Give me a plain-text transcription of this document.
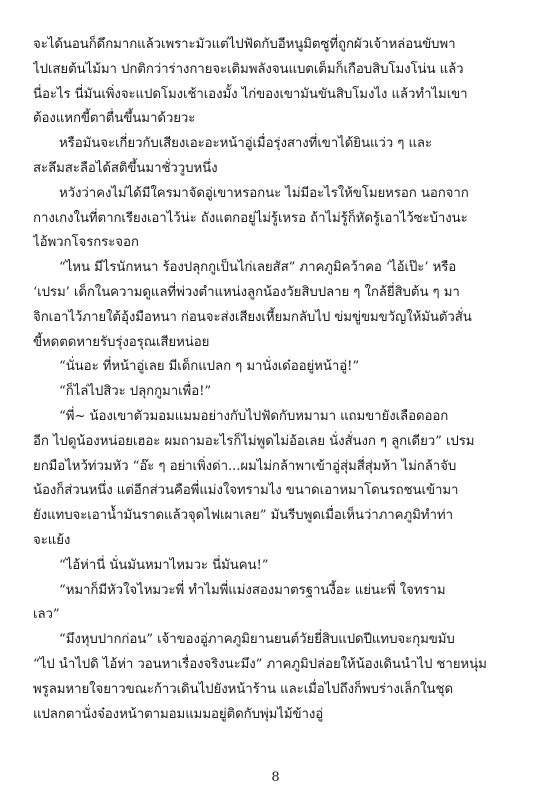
จะได้นอนก็ดึกมากแล้วเพราะมัวแต่ไปฟัดกับอีหนูมิตซูที่ถูกผัวเจ้าหล่อนขับพา
ไปเสยต้นไม้มา ปกติกว่าร่างกายจะเติมพลังจนแบตเต็มก็เกือบสิบโมงโน่น แล้ว
นี่อะไร นี่มันเพิ่งจะแปดโมงเช้าเองมั้ง ไก่ของเขามันขันสิบโมงไง แล้วทำไมเขา
ต้องแหกขี้ตาตื่นขึ้นมาด้วยวะ
หรือมันจะเกี่ยวกับเสียงเอะอะหน้าอู่เมื่อรุ่งสางที่เขาได้ยินแว่ว ๆ และ
สะลึมสะลือได้สติขึ้นมาชั่ววูบหนึ่ง
หวังว่าคงไม่ได้มีใครมาจัดอู่เขาหรอกนะ ไม่มีอะไรให้ขโมยหรอก นอกจาก
กางเกงในที่ตากเรียงเอาไว้น่ะ ถังแตกอยู่ไม่รู้เหรอ ถ้าไม่รู้ก็หัดรู้เอาไว้ซะบ้างนะ
ไอ้พวกโจรกระจอก
“ไหน มีไรนักหนา ร้องปลุกกูเป็นไก่เลยสัส” ภาคภูมิคว้าคอ ‘ไอ้เป๊ะ’ หรือ
‘เปรม’ เด็กในความดูแลที่พ่วงตำแหน่งลูกน้องวัยสิบปลาย ๆ ใกล้ยี่สิบต้น ๆ มา
จิกเอาไว้ภายใต้อุ้งมือหนา ก่อนจะส่งเสียงเหี้ยมกลับไป ข่มขู่ขมขวัญให้มันตัวสั่น
ขี้หดตดหายรับรุ่งอรุณเสียหน่อย
“นั่นอะ ที่หน้าอู่เลย มีเด็กแปลก ๆ มานั่งเด๋ออยู่หน้าอู่!”
“ก็ไล่ไปสิวะ ปลุกกูมาเพื่อ!”
“พี่~ น้องเขาตัวมอมแมมอย่างกับไปฟัดกับหมามา แถมขายังเลือดออก
อีก ไปดูน้องหน่อยเฮอะ ผมถามอะไรก็ไม่พูดไม่อ้อเลย นั่งสั่นงก ๆ ลูกเดียว” เปรม
ยกมือไหว้ท่วมหัว “อ๊ะ ๆ อย่าเพิ่งด่า...ผมไม่กล้าพาเข้าอู่สุ่มสี่สุ่มห้า ไม่กล้าจับ
น้องก็ส่วนหนึ่ง แต่อีกส่วนคือพี่แม่งใจทรามไง ขนาดเอาหมาโดนรถชนเข้ามา
ยังแทบจะเอาน้ำมันราดแล้วจุดไฟเผาเลย” มันรีบพูดเมื่อเห็นว่าภาคภูมิทำท่า
จะแย้ง
“ไอ้ห่านี่ นั่นมันหมาไหมวะ นี่มันคน!”
“หมาก็มีหัวใจไหมวะพี่ ทำไมพี่แม่งสองมาตรฐานงี้อะ แย่นะพี่ ใจทราม
เลว”
“มึงหุบปากก่อน” เจ้าของอู่ภาคภูมิยานยนต์วัยยี่สิบแปดปีแทบจะกุมขมับ
“ไป นำไปดิ ไอ้ห่า วอนหาเรื่องจริงนะมึง” ภาคภูมิปล่อยให้น้องเดินนำไป ชายหนุ่ม
พรูลมหายใจยาวขณะก้าวเดินไปยังหน้าร้าน และเมื่อไปถึงก็พบร่างเล็กในชุด
แปลกตานั่งจ๋องหน้าตามอมแมมอยู่ติดกับพุ่มไม้ข้างอู่
8
